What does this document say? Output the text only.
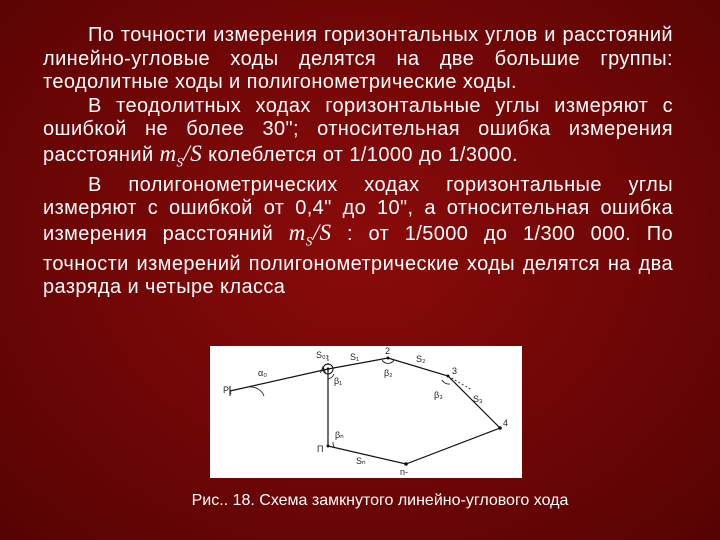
По точности измерения горизонтальных углов и расстояний линейно-угловые ходы делятся на две большие группы: теодолитные ходы и полигонометрические ходы.

В теодолитных ходах горизонтальные углы измеряют с ошибкой не более 30"; относительная ошибка измерения расстояний $m_S/S$ колеблется от 1/1000 до 1/3000.

В полигонометрических ходах горизонтальные углы измеряют с ошибкой от 0,4" до 10", а относительная ошибка измерения расстояний $m_S/S$ : от 1/5000 до 1/300 000. По точности измерений полигонометрические ходы делятся на два разряда и четыре класса

Р₁
α₀	А
S₀₁ S₁
β₁
2
β₂
S₂
3
β₃	S₃
4
П
βₙ
Sₙ
n-
Рис.. 18. Схема замкнутого линейно-углового хода
